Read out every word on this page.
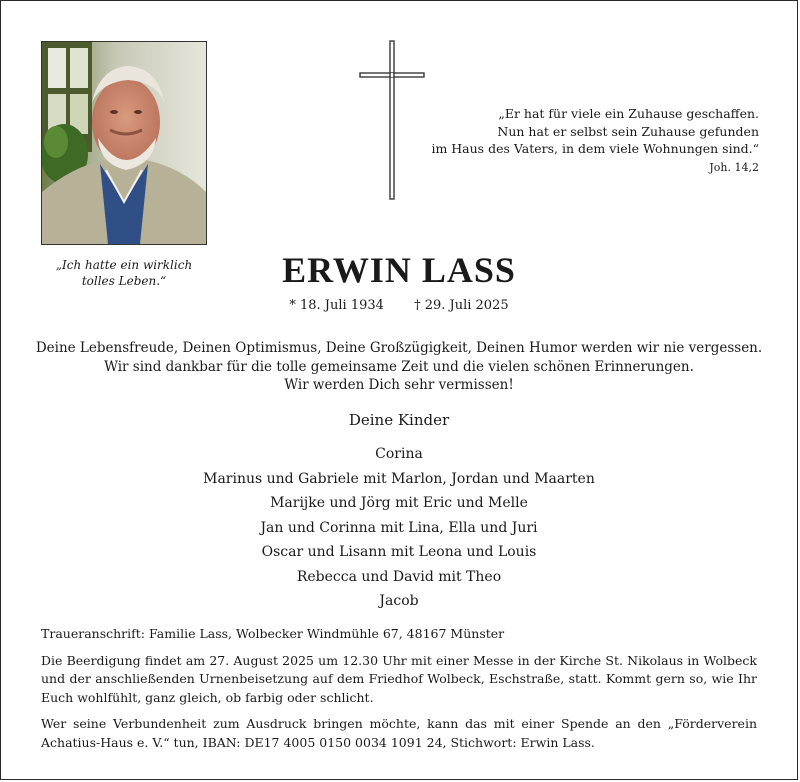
„Ich hatte ein wirklich
tolles Leben.“
„Er hat für viele ein Zuhause geschaffen.
Nun hat er selbst sein Zuhause gefunden
im Haus des Vaters, in dem viele Wohnungen sind.“
Joh. 14,2
ERWIN LASS
* 18. Juli 1934 † 29. Juli 2025
Deine Lebensfreude, Deinen Optimismus, Deine Großzügigkeit, Deinen Humor werden wir nie vergessen.
Wir sind dankbar für die tolle gemeinsame Zeit und die vielen schönen Erinnerungen.
Wir werden Dich sehr vermissen!
Deine Kinder
Corina
Marinus und Gabriele mit Marlon, Jordan und Maarten
Marijke und Jörg mit Eric und Melle
Jan und Corinna mit Lina, Ella und Juri
Oscar und Lisann mit Leona und Louis
Rebecca und David mit Theo
Jacob

Traueranschrift: Familie Lass, Wolbecker Windmühle 67, 48167 Münster

Die Beerdigung findet am 27. August 2025 um 12.30 Uhr mit einer Messe in der Kirche St. Nikolaus in Wolbeck und der anschließenden Urnenbeisetzung auf dem Friedhof Wolbeck, Eschstraße, statt. Kommt gern so, wie Ihr Euch wohlfühlt, ganz gleich, ob farbig oder schlicht.

Wer seine Verbundenheit zum Ausdruck bringen möchte, kann das mit einer Spende an den „Förderverein Achatius-Haus e. V.“ tun, IBAN: DE17 4005 0150 0034 1091 24, Stichwort: Erwin Lass.
